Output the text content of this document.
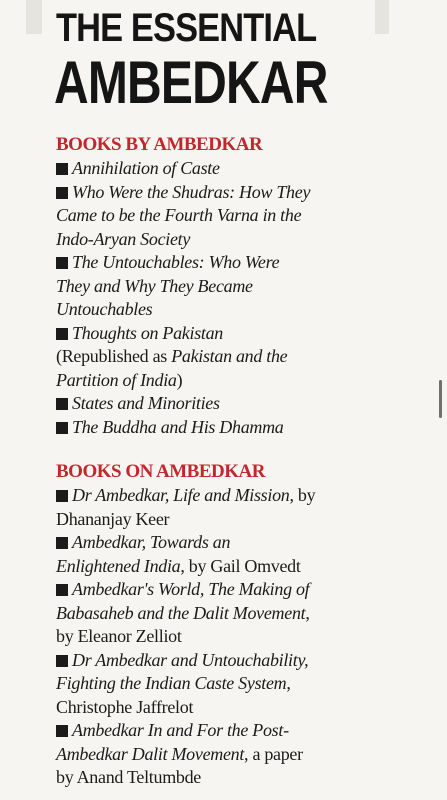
THE ESSENTIAL
AMBEDKAR
BOOKS BY AMBEDKAR
Annihilation of Caste
Who Were the Shudras: How They
Came to be the Fourth Varna in the
Indo-Aryan Society
The Untouchables: Who Were
They and Why They Became
Untouchables
Thoughts on Pakistan
(Republished as Pakistan and the
Partition of India)
States and Minorities
The Buddha and His Dhamma
BOOKS ON AMBEDKAR
Dr Ambedkar, Life and Mission, by
Dhananjay Keer
Ambedkar, Towards an
Enlightened India, by Gail Omvedt
Ambedkar's World, The Making of
Babasaheb and the Dalit Movement,
by Eleanor Zelliot
Dr Ambedkar and Untouchability,
Fighting the Indian Caste System,
Christophe Jaffrelot
Ambedkar In and For the Post-
Ambedkar Dalit Movement, a paper
by Anand Teltumbde
